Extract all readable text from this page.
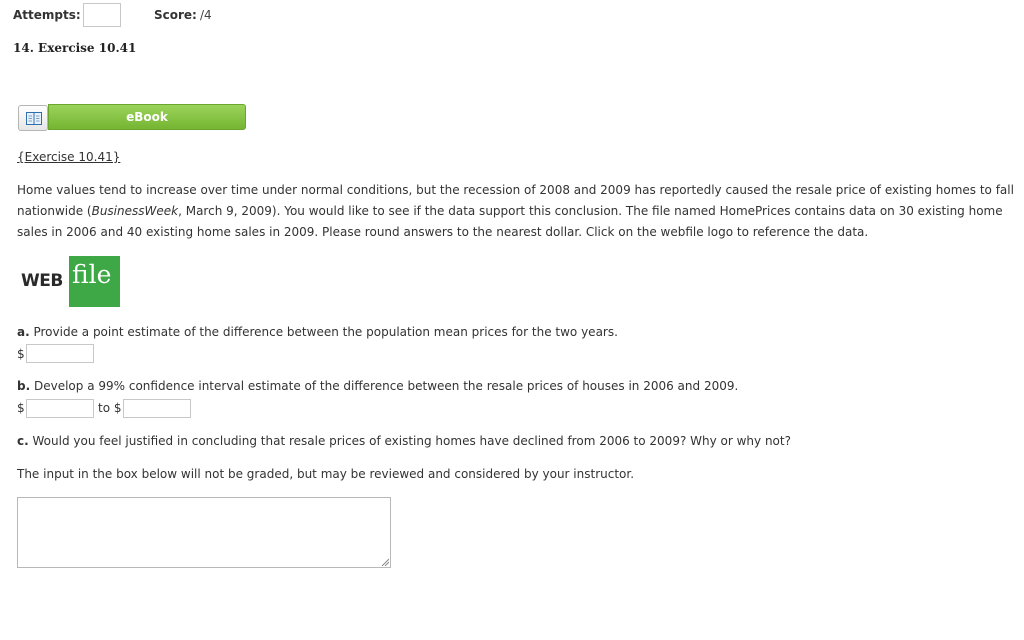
Attempts:	Score: /4
14. Exercise 10.41
eBook
{Exercise 10.41}
Home values tend to increase over time under normal conditions, but the recession of 2008 and 2009 has reportedly caused the resale price of existing homes to fall nationwide (BusinessWeek, March 9, 2009). You would like to see if the data support this conclusion. The file named HomePrices contains data on 30 existing home sales in 2006 and 40 existing home sales in 2009. Please round answers to the nearest dollar. Click on the webfile logo to reference the data.
WEB file
a. Provide a point estimate of the difference between the population mean prices for the two years.
$
b. Develop a 99% confidence interval estimate of the difference between the resale prices of houses in 2006 and 2009.
$	to $
c. Would you feel justified in concluding that resale prices of existing homes have declined from 2006 to 2009? Why or why not?
The input in the box below will not be graded, but may be reviewed and considered by your instructor.
